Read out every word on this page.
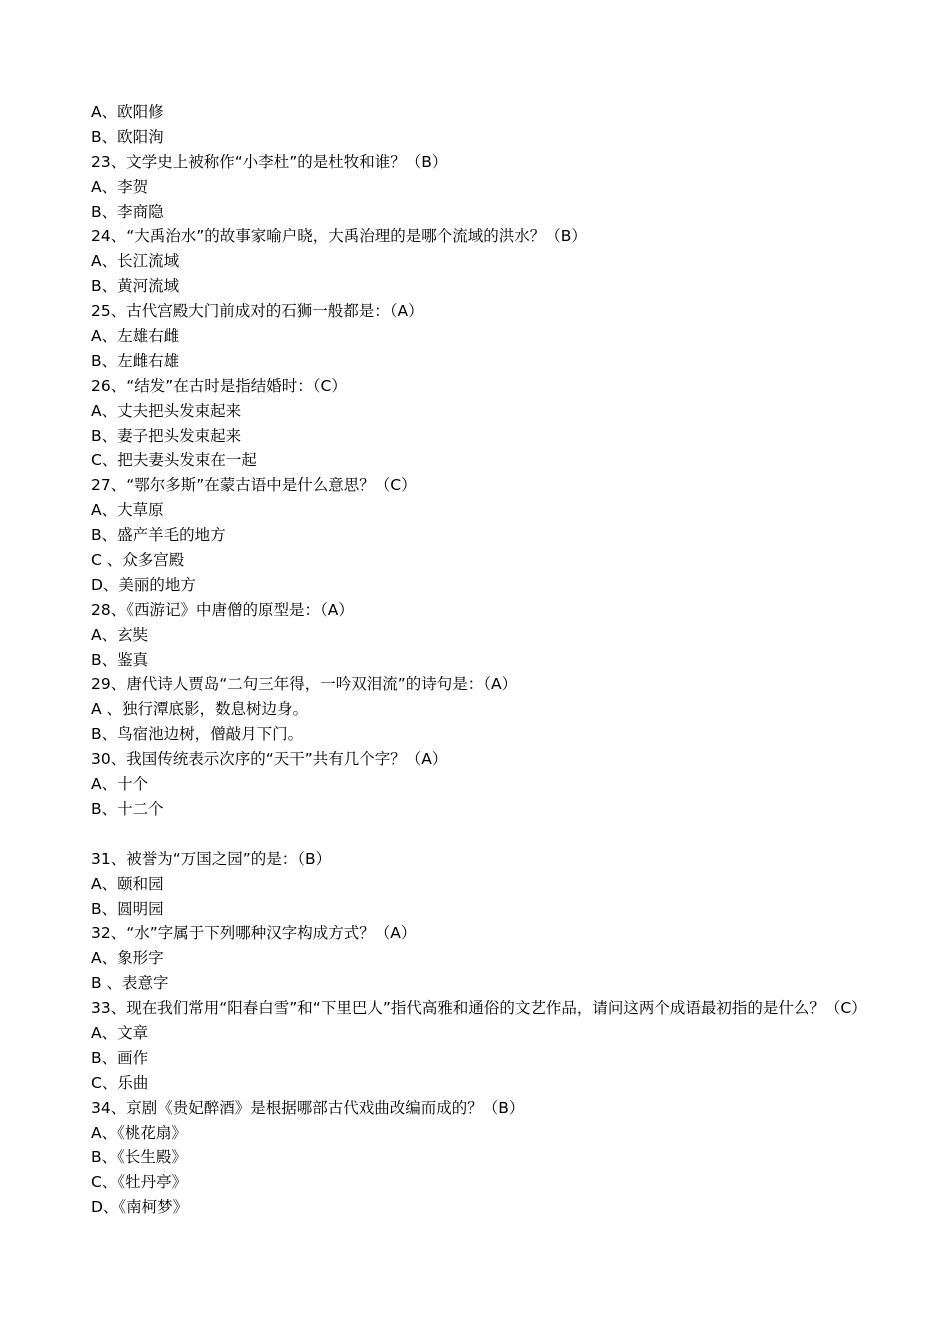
A、欧阳修
B、欧阳洵
23、文学史上被称作“小李杜”的是杜牧和谁？（B）
A、李贺
B、李商隐
24、“大禹治水”的故事家喻户晓，大禹治理的是哪个流域的洪水？（B）
A、长江流域
B、黄河流域
25、古代宫殿大门前成对的石狮一般都是：（A）
A、左雄右雌
B、左雌右雄
26、“结发”在古时是指结婚时：（C）
A、丈夫把头发束起来
B、妻子把头发束起来
C、把夫妻头发束在一起
27、“鄂尔多斯”在蒙古语中是什么意思？（C）
A、大草原
B、盛产羊毛的地方
C 、众多宫殿
D、美丽的地方
28、《西游记》中唐僧的原型是：（A）
A、玄奘
B、鉴真
29、唐代诗人贾岛“二句三年得，一吟双泪流”的诗句是：（A）
A 、独行潭底影，数息树边身。
B、鸟宿池边树，僧敲月下门。
30、我国传统表示次序的“天干”共有几个字？（A）
A、十个
B、十二个
31、被誉为“万国之园”的是：（B）
A、颐和园
B、圆明园
32、“水”字属于下列哪种汉字构成方式？（A）
A、象形字
B 、表意字
33、现在我们常用“阳春白雪”和“下里巴人”指代高雅和通俗的文艺作品，请问这两个成语最初指的是什么？（C）
A、文章
B、画作
C、乐曲
34、京剧《贵妃醉酒》是根据哪部古代戏曲改编而成的？（B）
A、《桃花扇》
B、《长生殿》
C、《牡丹亭》
D、《南柯梦》
